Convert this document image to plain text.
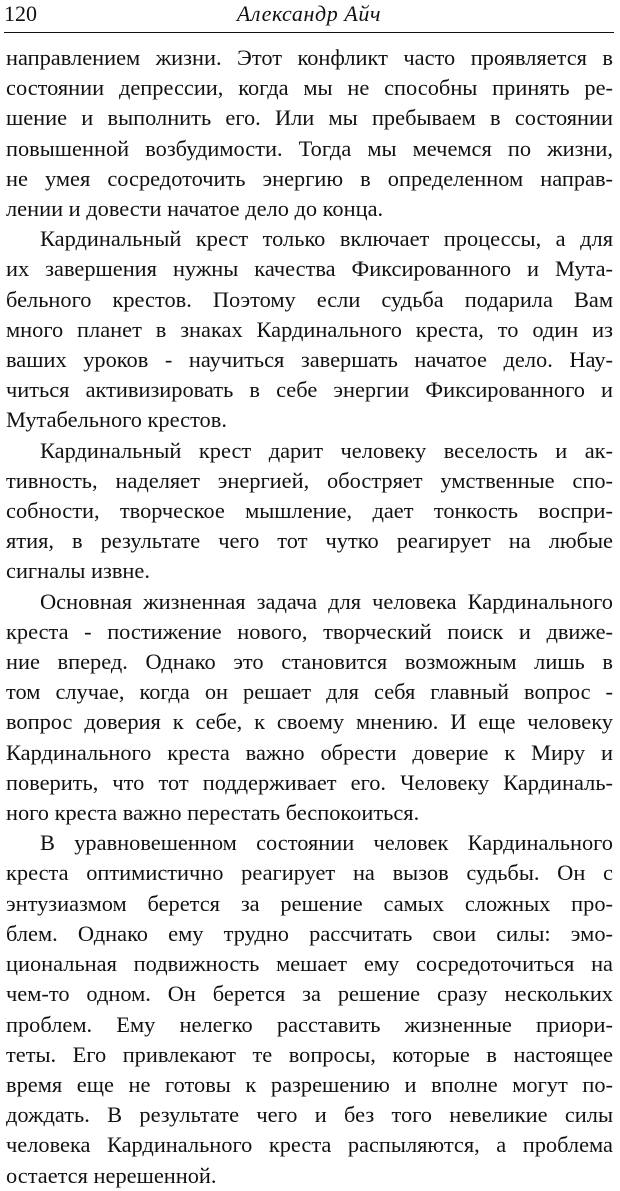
120	Александр Айч
направлением жизни. Этот конфликт часто проявляется в
состоянии депрессии, когда мы не способны принять ре-
шение и выполнить его. Или мы пребываем в состоянии
повышенной возбудимости. Тогда мы мечемся по жизни,
не умея сосредоточить энергию в определенном направ-
лении и довести начатое дело до конца.
Кардинальный крест только включает процессы, а для
их завершения нужны качества Фиксированного и Мута-
бельного крестов. Поэтому если судьба подарила Вам
много планет в знаках Кардинального креста, то один из
ваших уроков - научиться завершать начатое дело. Нау-
читься активизировать в себе энергии Фиксированного и
Мутабельного крестов.
Кардинальный крест дарит человеку веселость и ак-
тивность, наделяет энергией, обостряет умственные спо-
собности, творческое мышление, дает тонкость воспри-
ятия, в результате чего тот чутко реагирует на любые
сигналы извне.
Основная жизненная задача для человека Кардинального
креста - постижение нового, творческий поиск и движе-
ние вперед. Однако это становится возможным лишь в
том случае, когда он решает для себя главный вопрос -
вопрос доверия к себе, к своему мнению. И еще человеку
Кардинального креста важно обрести доверие к Миру и
поверить, что тот поддерживает его. Человеку Кардиналь-
ного креста важно перестать беспокоиться.
В уравновешенном состоянии человек Кардинального
креста оптимистично реагирует на вызов судьбы. Он с
энтузиазмом берется за решение самых сложных про-
блем. Однако ему трудно рассчитать свои силы: эмо-
циональная подвижность мешает ему сосредоточиться на
чем-то одном. Он берется за решение сразу нескольких
проблем. Ему нелегко расставить жизненные приори-
теты. Его привлекают те вопросы, которые в настоящее
время еще не готовы к разрешению и вполне могут по-
дождать. В результате чего и без того невеликие силы
человека Кардинального креста распыляются, а проблема
остается нерешенной.
